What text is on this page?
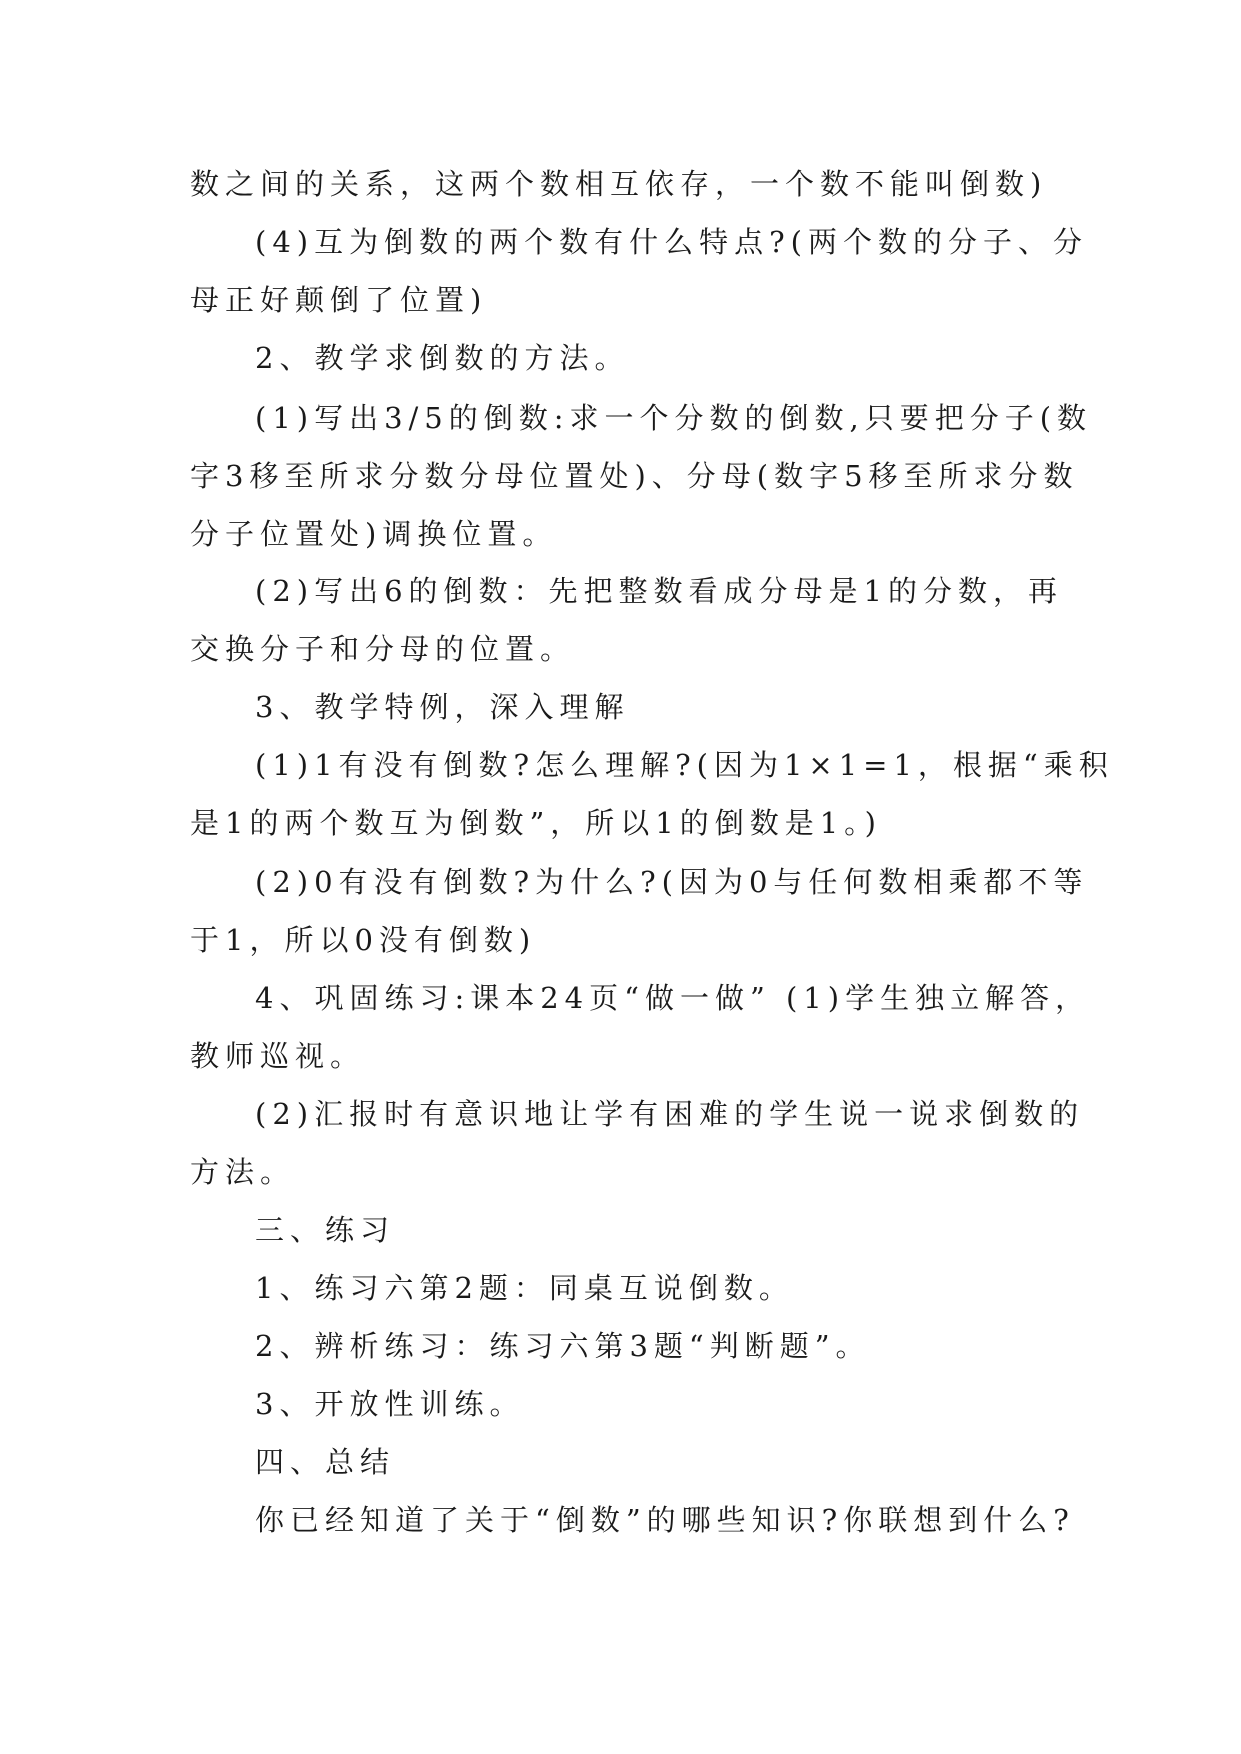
数之间的关系，这两个数相互依存，一个数不能叫倒数)
(4)互为倒数的两个数有什么特点?(两个数的分子、分
母正好颠倒了位置)
2、教学求倒数的方法。
(1)写出3/5的倒数:求一个分数的倒数,只要把分子(数
字3移至所求分数分母位置处)、分母(数字5移至所求分数
分子位置处)调换位置。
(2)写出6的倒数：先把整数看成分母是1的分数，再
交换分子和分母的位置。
3、教学特例，深入理解
(1)1有没有倒数?怎么理解?(因为1×1=1，根据“乘积
是1的两个数互为倒数”，所以1的倒数是1。)
(2)0有没有倒数?为什么?(因为0与任何数相乘都不等
于1，所以0没有倒数)
4、巩固练习:课本24页“做一做” (1)学生独立解答，
教师巡视。
(2)汇报时有意识地让学有困难的学生说一说求倒数的
方法。
三、练习
1、练习六第2题：同桌互说倒数。
2、辨析练习：练习六第3题“判断题”。
3、开放性训练。
四、总结
你已经知道了关于“倒数”的哪些知识?你联想到什么?
